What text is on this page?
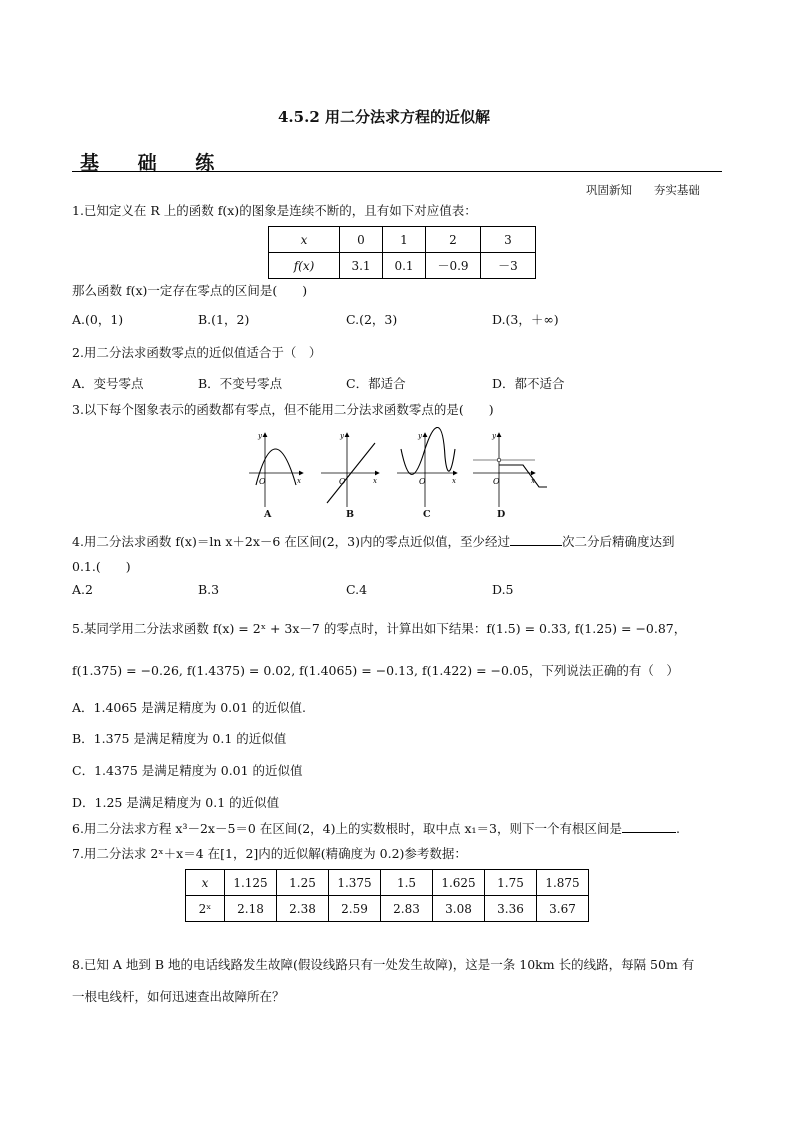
4.5.2 用二分法求方程的近似解
基 础 练
巩固新知      夯实基础
1.已知定义在 R 上的函数 f(x)的图象是连续不断的，且有如下对应值表：
x	0	1	2	3
f(x)	3.1	0.1	－0.9	－3
那么函数 f(x)一定存在零点的区间是(　　)
A.(0，1)	B.(1，2)	C.(2，3)	D.(3，＋∞)
2.用二分法求函数零点的近似值适合于（　）
A．变号零点	B．不变号零点	C．都适合	D．都不适合
3.以下每个图象表示的函数都有零点，但不能用二分法求函数零点的是(　　)
O	x
y
O	x
y
O	x
y
O	x
y
A	B	C	D
4.用二分法求函数 f(x)＝ln x＋2x－6 在区间(2，3)内的零点近似值，至少经过	次二分后精确度达到
0.1.(　　)
A.2	B.3	C.4	D.5
5.某同学用二分法求函数 f(x) = 2ˣ + 3x－7 的零点时，计算出如下结果：f(1.5) = 0.33, f(1.25) = −0.87，
f(1.375) = −0.26, f(1.4375) = 0.02, f(1.4065) = −0.13, f(1.422) = −0.05，下列说法正确的有（　）
A．1.4065 是满足精度为 0.01 的近似值.
B．1.375 是满足精度为 0.1 的近似值
C．1.4375 是满足精度为 0.01 的近似值
D．1.25 是满足精度为 0.1 的近似值
6.用二分法求方程 x³－2x－5＝0 在区间(2，4)上的实数根时，取中点 x₁＝3，则下一个有根区间是	.
7.用二分法求 2ˣ＋x＝4 在[1，2]内的近似解(精确度为 0.2)参考数据：
x	1.125	1.25	1.375	1.5	1.625	1.75	1.875
2ˣ	2.18	2.38	2.59	2.83	3.08	3.36	3.67
8.已知 A 地到 B 地的电话线路发生故障(假设线路只有一处发生故障)，这是一条 10km 长的线路，每隔 50m 有
一根电线杆，如何迅速查出故障所在？
